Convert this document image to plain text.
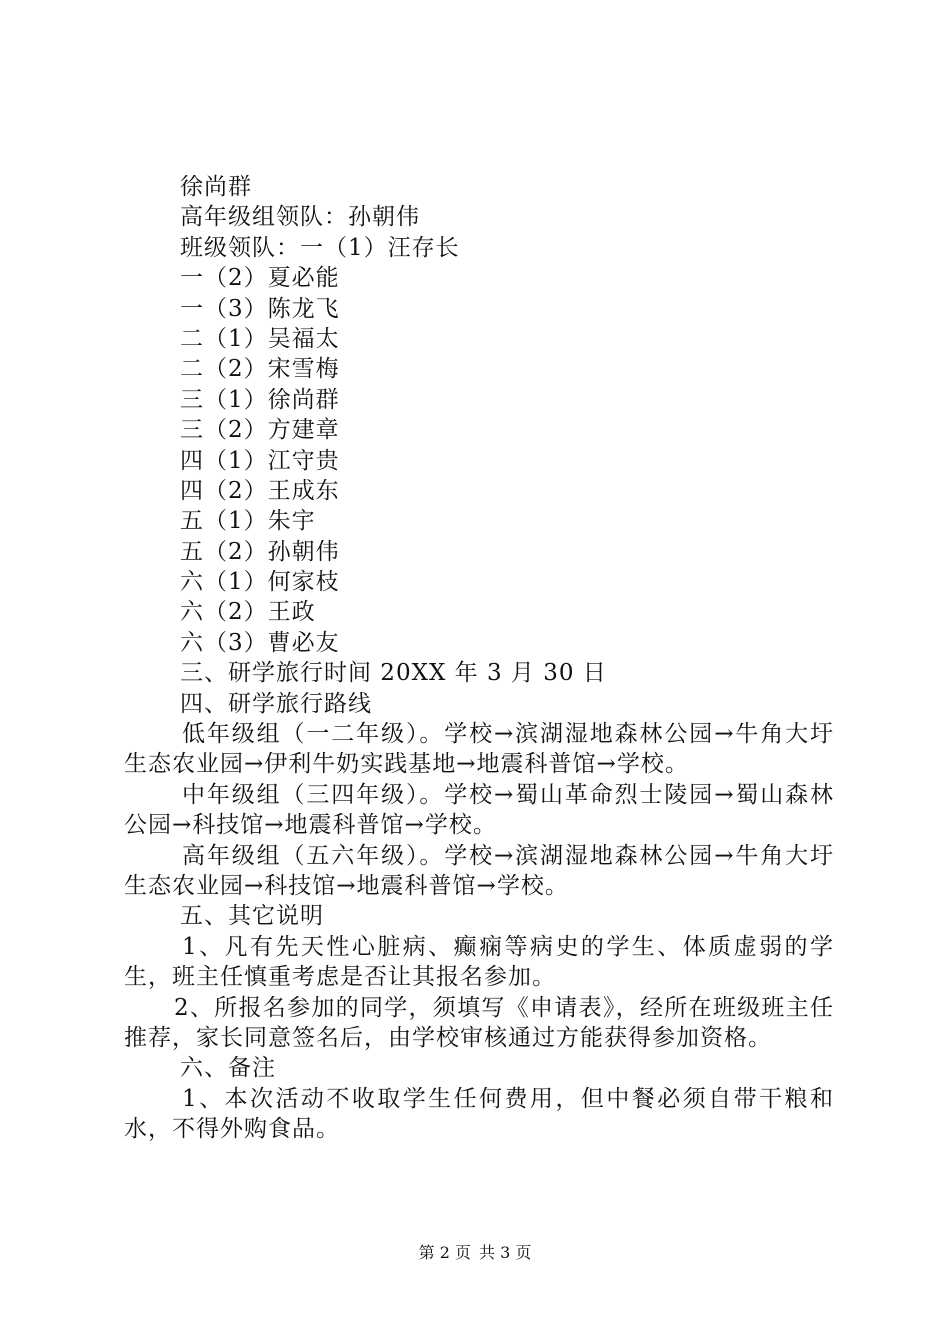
徐尚群
高年级组领队：孙朝伟
班级领队：一（1）汪存长
一（2）夏必能
一（3）陈龙飞
二（1）吴福太
二（2）宋雪梅
三（1）徐尚群
三（2）方建章
四（1）江守贵
四（2）王成东
五（1）朱宇
五（2）孙朝伟
六（1）何家枝
六（2）王政
六（3）曹必友
三、研学旅行时间 20XX 年 3 月 30 日
四、研学旅行路线
低年级组（一二年级）。学校→滨湖湿地森林公园→牛角大圩生态农业园→伊利牛奶实践基地→地震科普馆→学校。
中年级组（三四年级）。学校→蜀山革命烈士陵园→蜀山森林公园→科技馆→地震科普馆→学校。
高年级组（五六年级）。学校→滨湖湿地森林公园→牛角大圩生态农业园→科技馆→地震科普馆→学校。
五、其它说明
1、凡有先天性心脏病、癫痫等病史的学生、体质虚弱的学生，班主任慎重考虑是否让其报名参加。
2、所报名参加的同学，须填写《申请表》，经所在班级班主任推荐，家长同意签名后，由学校审核通过方能获得参加资格。
六、备注
1、本次活动不收取学生任何费用，但中餐必须自带干粮和水，不得外购食品。
第 2 页 共 3 页
